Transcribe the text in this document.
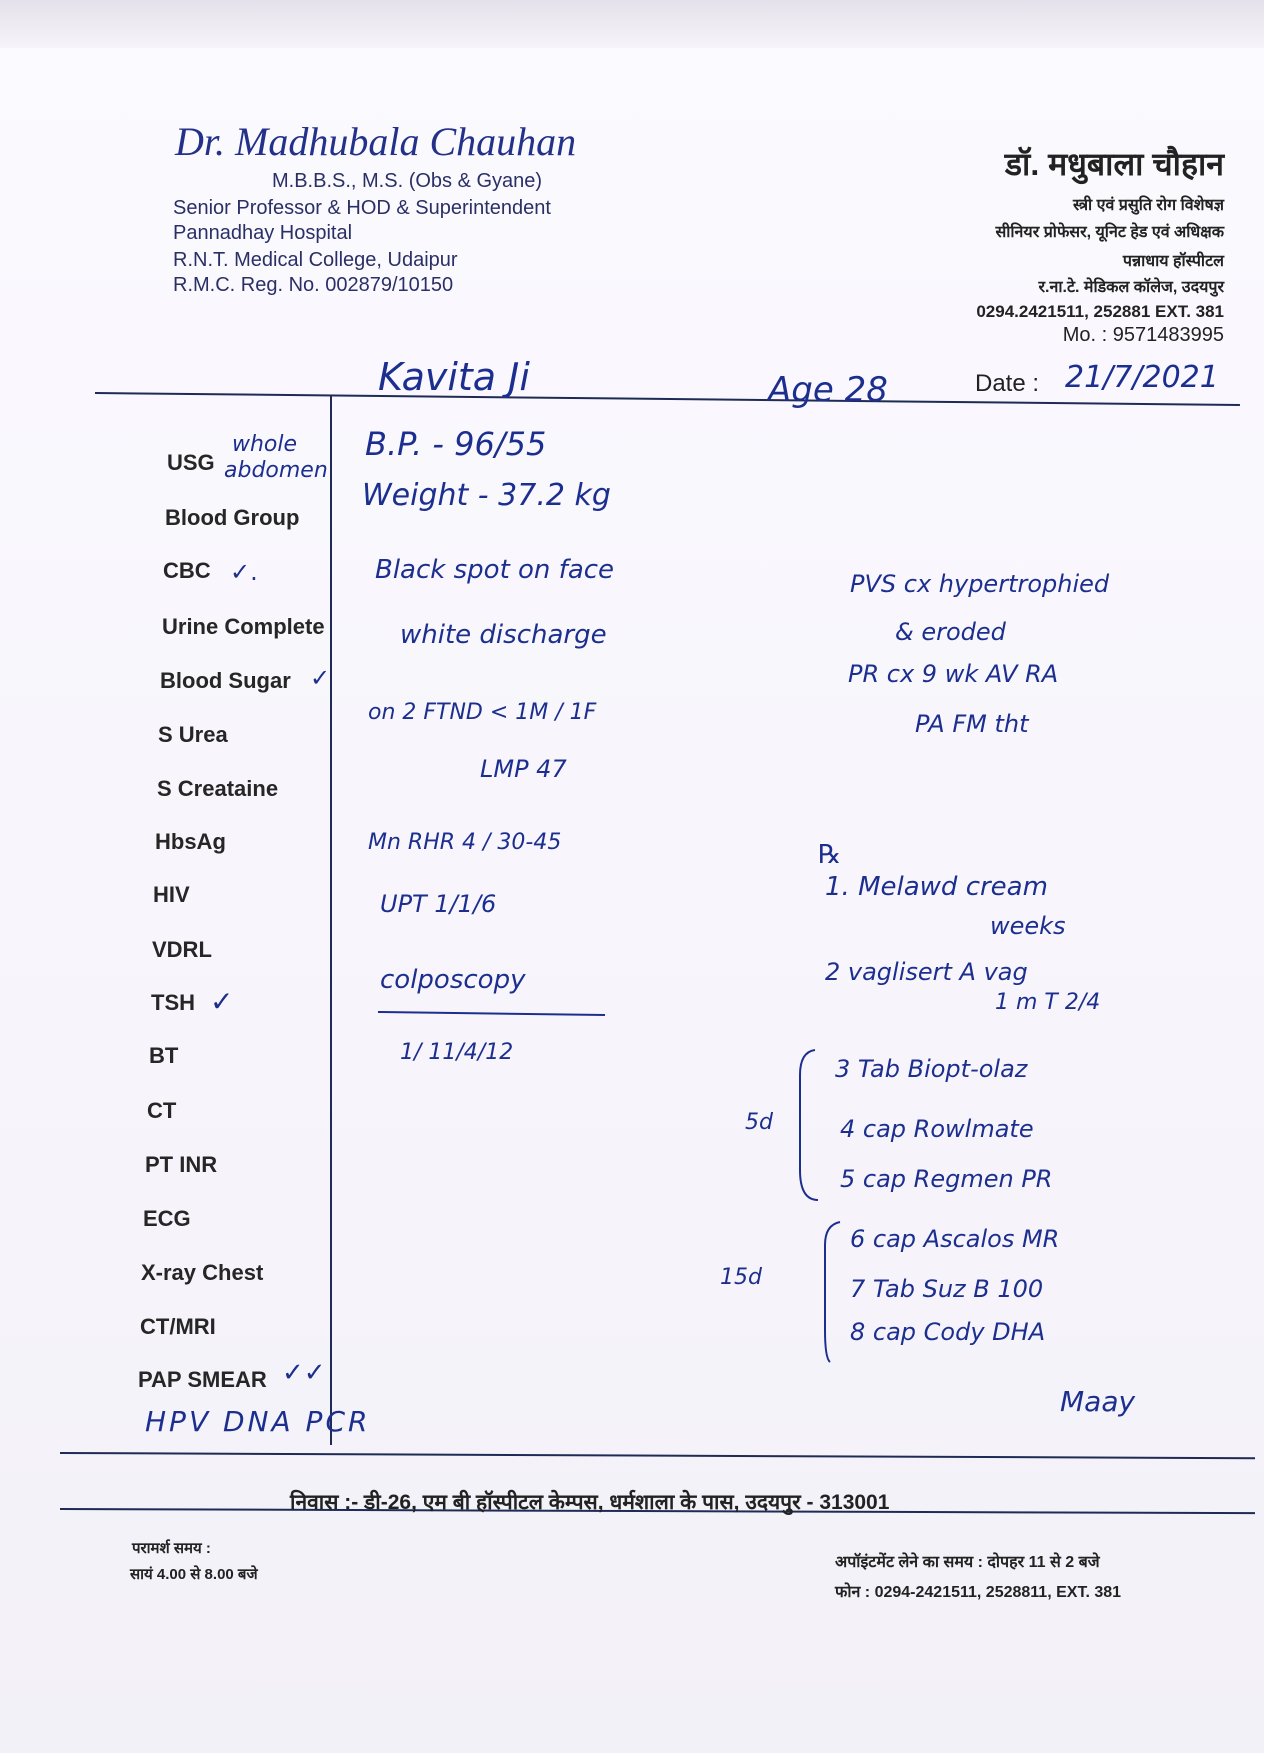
Dr. Madhubala Chauhan
M.B.B.S., M.S. (Obs & Gyane)
Senior Professor & HOD & Superintendent
Pannadhay Hospital
R.N.T. Medical College, Udaipur
R.M.C. Reg. No. 002879/10150
डॉ. मधुबाला चौहान
स्त्री एवं प्रसुति रोग विशेषज्ञ
सीनियर प्रोफेसर, यूनिट हेड एवं अधिक्षक
पन्नाधाय हॉस्पीटल
र.ना.टे. मेडिकल कॉलेज, उदयपुर
0294.2421511, 252881 EXT. 381
Mo. : 9571483995
Date :
USG
Blood Group
CBC
Urine Complete
Blood Sugar
S Urea
S Creataine
HbsAg
HIV
VDRL
TSH
BT
CT
PT INR
ECG
X-ray Chest
CT/MRI
PAP SMEAR
Kavita Ji	Age 28	21/7/2021
whole
abdomen
✓.
✓
✓
✓✓
HPV DNA PCR
B.P. - 96/55
Weight - 37.2 kg
Black spot on face
white discharge
on 2 FTND < 1M / 1F
LMP 47
Mn RHR 4 / 30-45
UPT 1/1/6
colposcopy
1/ 11/4/12
PVS cx hypertrophied
& eroded
PR cx 9 wk AV RA
PA FM tht
℞
1. Melawd cream
weeks
2 vaglisert A vag
1 m T 2/4
3 Tab Biopt-olaz
4 cap Rowlmate
5 cap Regmen PR
6 cap Ascalos MR
7 Tab Suz B 100
8 cap Cody DHA
5d
15d
Maay
निवास :- डी-26, एम बी हॉस्पीटल केम्पस, धर्मशाला के पास, उदयपुर - 313001
परामर्श समय :
सायं 4.00 से 8.00 बजे
अपॉइंटमेंट लेने का समय : दोपहर 11 से 2 बजे
फोन : 0294-2421511, 2528811, EXT. 381
